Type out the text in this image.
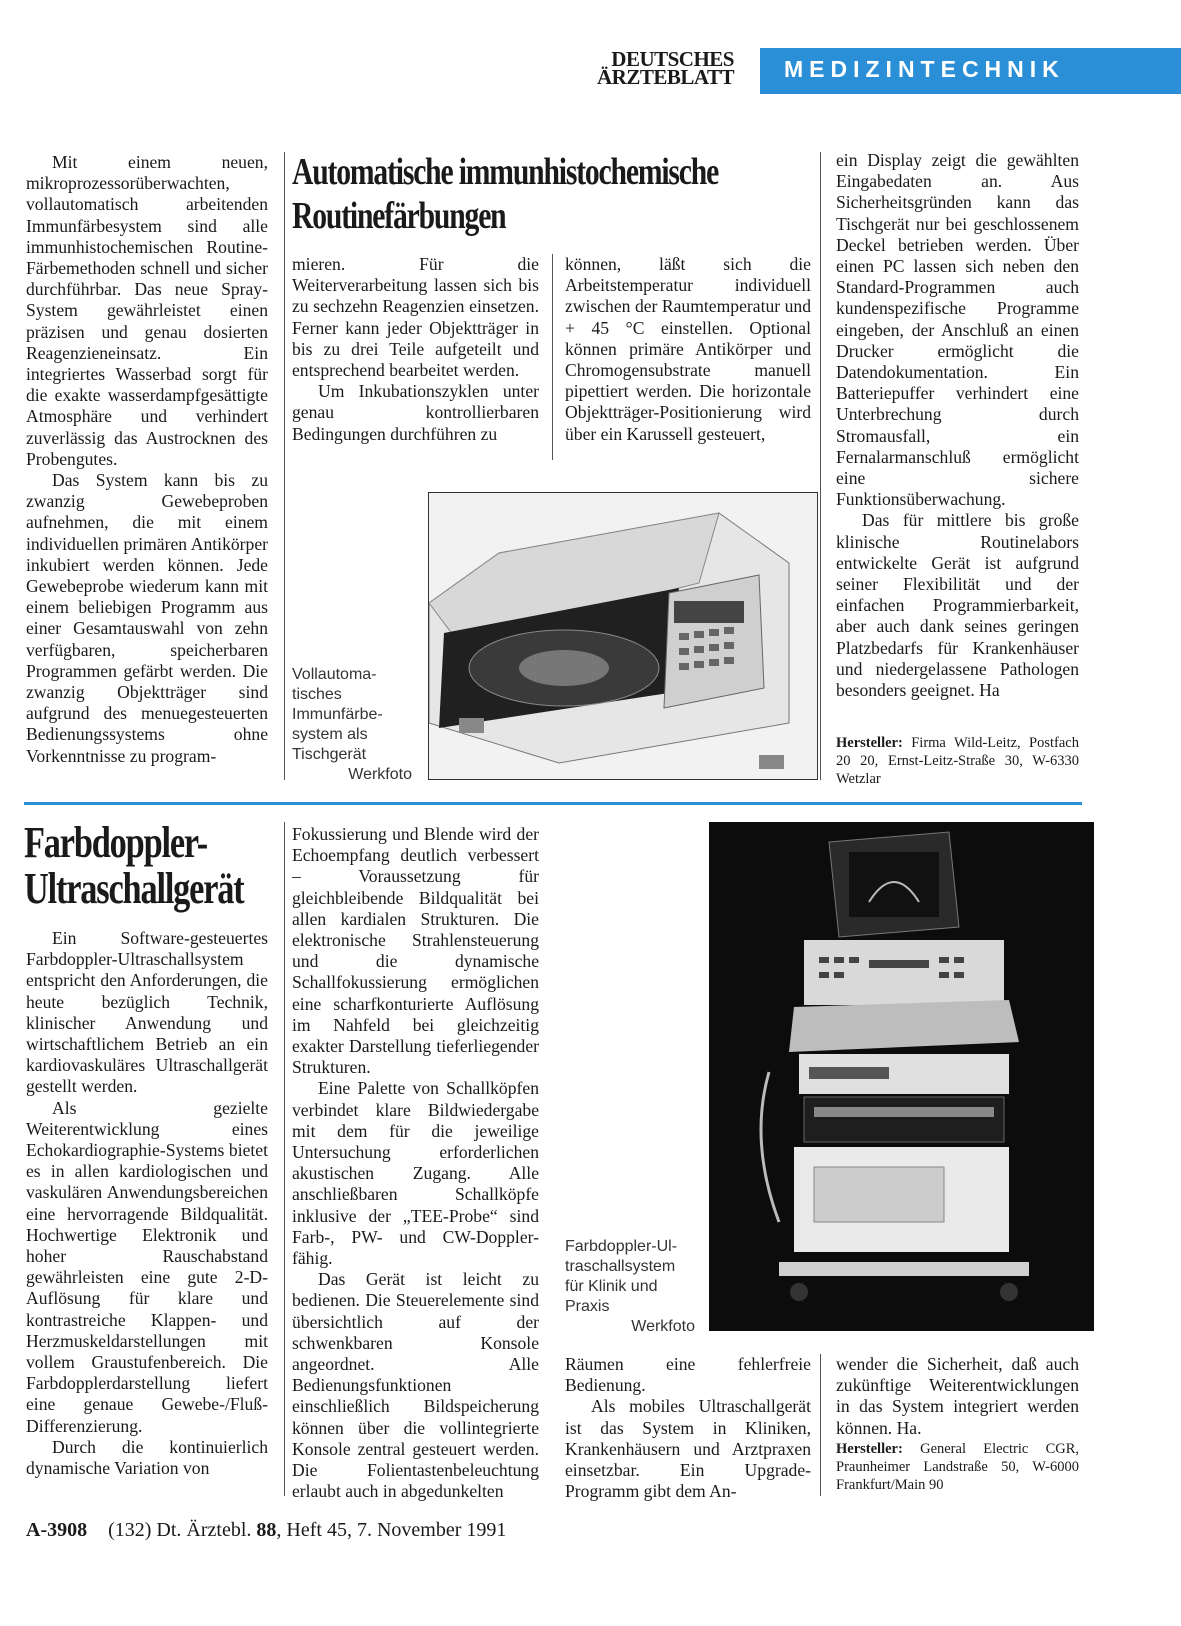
DEUTSCHES
ÄRZTEBLATT MEDIZINTECHNIK

Mit einem neuen, mikroprozessorüberwachten, vollautomatisch arbeitenden Immunfärbesystem sind alle immunhistochemischen Routine-Färbemethoden schnell und sicher durchführbar. Das neue Spray-System gewährleistet einen präzisen und genau dosierten Reagenzieneinsatz. Ein integriertes Wasserbad sorgt für die exakte wasserdampfgesättigte Atmosphäre und verhindert zuverlässig das Austrocknen des Probengutes.

Das System kann bis zu zwanzig Gewebeproben aufnehmen, die mit einem individuellen primären Antikörper inkubiert werden können. Jede Gewebeprobe wiederum kann mit einem beliebigen Programm aus einer Gesamtauswahl von zehn verfügbaren, speicherbaren Programmen gefärbt werden. Die zwanzig Objektträger sind aufgrund des menuegesteuerten Bedienungssystems ohne Vorkenntnisse zu program-

Automatische immunhistochemische
Routinefärbungen

mieren. Für die Weiterverarbeitung lassen sich bis zu sechzehn Reagenzien einsetzen. Ferner kann jeder Objektträger in bis zu drei Teile aufgeteilt und entsprechend bearbeitet werden.

Um Inkubationszyklen unter genau kontrollierbaren Bedingungen durchführen zu

können, läßt sich die Arbeitstemperatur individuell zwischen der Raumtemperatur und + 45 °C einstellen. Optional können primäre Antikörper und Chromogensubstrate manuell pipettiert werden. Die horizontale Objektträger-Positionierung wird über ein Karussell gesteuert,

ein Display zeigt die gewählten Eingabedaten an. Aus Sicherheitsgründen kann das Tischgerät nur bei geschlossenem Deckel betrieben werden. Über einen PC lassen sich neben den Standard-Programmen auch kundenspezifische Programme eingeben, der Anschluß an einen Drucker ermöglicht die Datendokumentation. Ein Batteriepuffer verhindert eine Unterbrechung durch Stromausfall, ein Fernalarmanschluß ermöglicht eine sichere Funktionsüberwachung.

Das für mittlere bis große klinische Routinelabors entwickelte Gerät ist aufgrund seiner Flexibilität und der einfachen Programmierbarkeit, aber auch dank seines geringen Platzbedarfs für Krankenhäuser und niedergelassene Pathologen besonders geeignet. Ha

Vollautoma-
tisches
Immunfärbe-
system als
Tischgerät
Werkfoto
Hersteller: Firma Wild-Leitz, Postfach 20 20, Ernst-Leitz-Straße 30, W-6330 Wetzlar
Farbdoppler-
Ultraschallgerät

Ein Software-gesteuertes Farbdoppler-Ultraschallsystem entspricht den Anforderungen, die heute bezüglich Technik, klinischer Anwendung und wirtschaftlichem Betrieb an ein kardiovaskuläres Ultraschallgerät gestellt werden.

Als gezielte Weiterentwicklung eines Echokardiographie-Systems bietet es in allen kardiologischen und vaskulären Anwendungsbereichen eine hervorragende Bildqualität. Hochwertige Elektronik und hoher Rauschabstand gewährleisten eine gute 2-D-Auflösung für klare und kontrastreiche Klappen- und Herzmuskeldarstellungen mit vollem Graustufenbereich. Die Farbdopplerdarstellung liefert eine genaue Gewebe-/Fluß-Differenzierung.

Durch die kontinuierlich dynamische Variation von

Fokussierung und Blende wird der Echoempfang deutlich verbessert – Voraussetzung für gleichbleibende Bildqualität bei allen kardialen Strukturen. Die elektronische Strahlensteuerung und die dynamische Schallfokussierung ermöglichen eine scharfkonturierte Auflösung im Nahfeld bei gleichzeitig exakter Darstellung tieferliegender Strukturen.

Eine Palette von Schallköpfen verbindet klare Bildwiedergabe mit dem für die jeweilige Untersuchung erforderlichen akustischen Zugang. Alle anschließbaren Schallköpfe inklusive der „TEE-Probe“ sind Farb-, PW- und CW-Doppler-fähig.

Das Gerät ist leicht zu bedienen. Die Steuerelemente sind übersichtlich auf der schwenkbaren Konsole angeordnet. Alle Bedienungsfunktionen einschließlich Bildspeicherung können über die vollintegrierte Konsole zentral gesteuert werden. Die Folientastenbeleuchtung erlaubt auch in abgedunkelten

Farbdoppler-Ul-
traschallsystem
für Klinik und
Praxis
Werkfoto

Räumen eine fehlerfreie Bedienung.

Als mobiles Ultraschallgerät ist das System in Kliniken, Krankenhäusern und Arztpraxen einsetzbar. Ein Upgrade-Programm gibt dem An-

wender die Sicherheit, daß auch zukünftige Weiterentwicklungen in das System integriert werden können. Ha.

Hersteller: General Electric CGR, Praunheimer Landstraße 50, W-6000 Frankfurt/Main 90
A-3908 (132) Dt. Ärztebl. 88, Heft 45, 7. November 1991
